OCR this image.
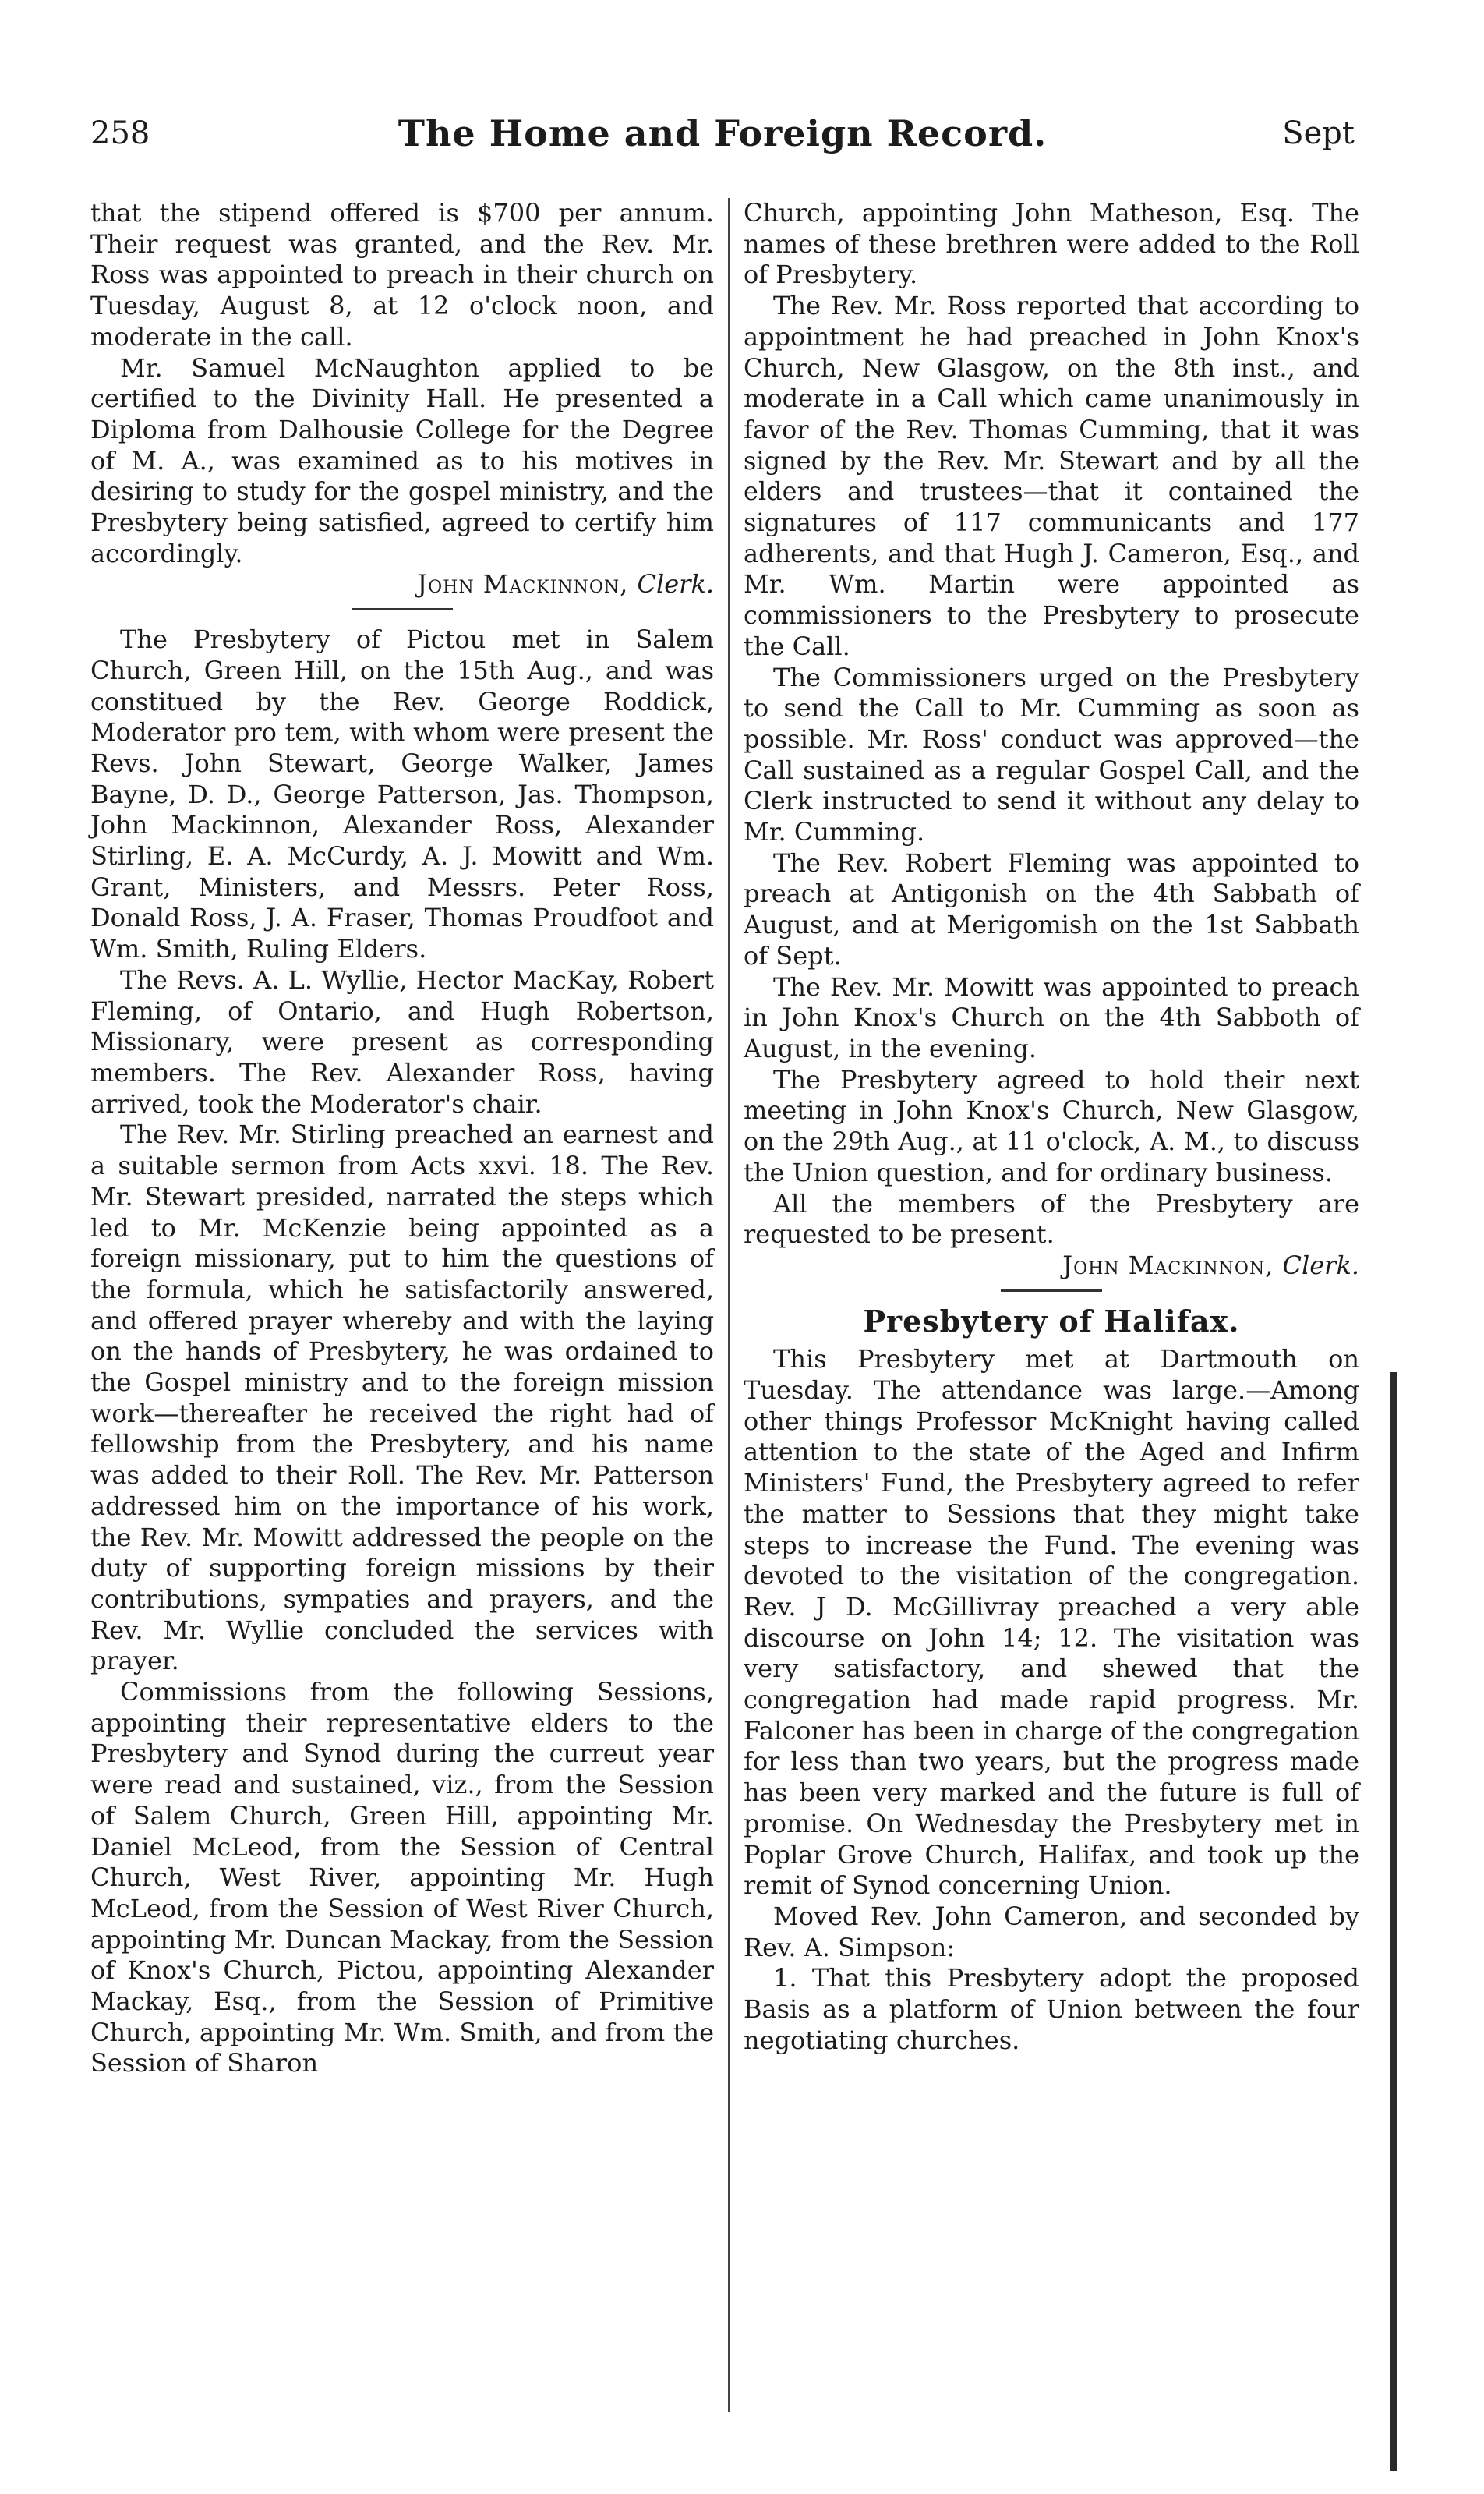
258	The Home and Foreign Record.	Sept

that the stipend offered is $700 per annum. Their request was granted, and the Rev. Mr. Ross was appointed to preach in their church on Tuesday, August 8, at 12 o'clock noon, and moderate in the call.

Mr. Samuel McNaughton applied to be certified to the Divinity Hall. He presented a Diploma from Dalhousie College for the Degree of M. A., was examined as to his motives in desiring to study for the gospel ministry, and the Presbytery being satisfied, agreed to certify him accordingly.

John Mackinnon, Clerk.

The Presbytery of Pictou met in Salem Church, Green Hill, on the 15th Aug., and was constitued by the Rev. George Roddick, Moderator pro tem, with whom were present the Revs. John Stewart, George Walker, James Bayne, D. D., George Patterson, Jas. Thompson, John Mackinnon, Alexander Ross, Alexander Stirling, E. A. McCurdy, A. J. Mowitt and Wm. Grant, Ministers, and Messrs. Peter Ross, Donald Ross, J. A. Fraser, Thomas Proudfoot and Wm. Smith, Ruling Elders.

The Revs. A. L. Wyllie, Hector MacKay, Robert Fleming, of Ontario, and Hugh Robertson, Missionary, were present as corresponding members. The Rev. Alexander Ross, having arrived, took the Moderator's chair.

The Rev. Mr. Stirling preached an earnest and a suitable sermon from Acts xxvi. 18. The Rev. Mr. Stewart presided, narrated the steps which led to Mr. McKenzie being appointed as a foreign missionary, put to him the questions of the formula, which he satisfactorily answered, and offered prayer whereby and with the laying on the hands of Presbytery, he was ordained to the Gospel ministry and to the foreign mission work—thereafter he received the right had of fellowship from the Presbytery, and his name was added to their Roll. The Rev. Mr. Patterson addressed him on the importance of his work, the Rev. Mr. Mowitt addressed the people on the duty of supporting foreign missions by their contributions, sympaties and prayers, and the Rev. Mr. Wyllie concluded the services with prayer.

Commissions from the following Sessions, appointing their representative elders to the Presbytery and Synod during the curreut year were read and sustained, viz., from the Session of Salem Church, Green Hill, appointing Mr. Daniel McLeod, from the Session of Central Church, West River, appointing Mr. Hugh McLeod, from the Session of West River Church, appointing Mr. Duncan Mackay, from the Session of Knox's Church, Pictou, appointing Alexander Mackay, Esq., from the Session of Primitive Church, appointing Mr. Wm. Smith, and from the Session of Sharon

Church, appointing John Matheson, Esq. The names of these brethren were added to the Roll of Presbytery.

The Rev. Mr. Ross reported that according to appointment he had preached in John Knox's Church, New Glasgow, on the 8th inst., and moderate in a Call which came unanimously in favor of the Rev. Thomas Cumming, that it was signed by the Rev. Mr. Stewart and by all the elders and trustees—that it contained the signatures of 117 communicants and 177 adherents, and that Hugh J. Cameron, Esq., and Mr. Wm. Martin were appointed as commissioners to the Presbytery to prosecute the Call.

The Commissioners urged on the Presbytery to send the Call to Mr. Cumming as soon as possible. Mr. Ross' conduct was approved—the Call sustained as a regular Gospel Call, and the Clerk instructed to send it without any delay to Mr. Cumming.

The Rev. Robert Fleming was appointed to preach at Antigonish on the 4th Sabbath of August, and at Merigomish on the 1st Sabbath of Sept.

The Rev. Mr. Mowitt was appointed to preach in John Knox's Church on the 4th Sabboth of August, in the evening.

The Presbytery agreed to hold their next meeting in John Knox's Church, New Glasgow, on the 29th Aug., at 11 o'clock, A. M., to discuss the Union question, and for ordinary business.

All the members of the Presbytery are requested to be present.

John Mackinnon, Clerk.

Presbytery of Halifax.

This Presbytery met at Dartmouth on Tuesday. The attendance was large.—Among other things Professor McKnight having called attention to the state of the Aged and Infirm Ministers' Fund, the Presbytery agreed to refer the matter to Sessions that they might take steps to increase the Fund. The evening was devoted to the visitation of the congregation. Rev. J D. McGillivray preached a very able discourse on John 14; 12. The visitation was very satisfactory, and shewed that the congregation had made rapid progress. Mr. Falconer has been in charge of the congregation for less than two years, but the progress made has been very marked and the future is full of promise. On Wednesday the Presbytery met in Poplar Grove Church, Halifax, and took up the remit of Synod concerning Union.

Moved Rev. John Cameron, and seconded by Rev. A. Simpson:

1. That this Presbytery adopt the proposed Basis as a platform of Union between the four negotiating churches.
